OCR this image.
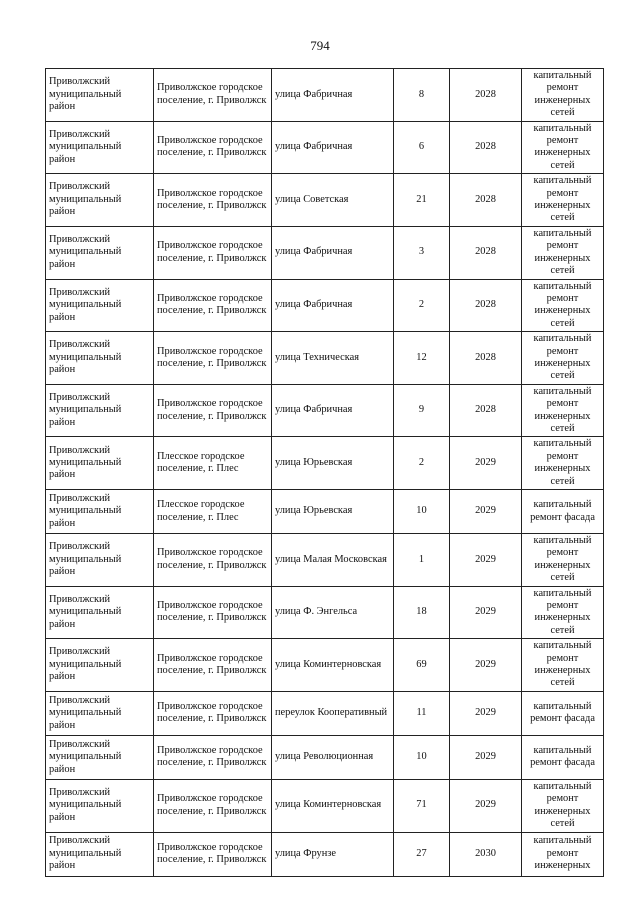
794
Приволжский муниципальный район	Приволжское городское поселение, г. Приволжск	улица Фабричная	8	2028	капитальный ремонт инженерных сетей
Приволжский муниципальный район	Приволжское городское поселение, г. Приволжск	улица Фабричная	6	2028	капитальный ремонт инженерных сетей
Приволжский муниципальный район	Приволжское городское поселение, г. Приволжск	улица Советская	21	2028	капитальный ремонт инженерных сетей
Приволжский муниципальный район	Приволжское городское поселение, г. Приволжск	улица Фабричная	3	2028	капитальный ремонт инженерных сетей
Приволжский муниципальный район	Приволжское городское поселение, г. Приволжск	улица Фабричная	2	2028	капитальный ремонт инженерных сетей
Приволжский муниципальный район	Приволжское городское поселение, г. Приволжск	улица Техническая	12	2028	капитальный ремонт инженерных сетей
Приволжский муниципальный район	Приволжское городское поселение, г. Приволжск	улица Фабричная	9	2028	капитальный ремонт инженерных сетей
Приволжский муниципальный район	Плесское городское поселение, г. Плес	улица Юрьевская	2	2029	капитальный ремонт инженерных сетей
Приволжский муниципальный район	Плесское городское поселение, г. Плес	улица Юрьевская	10	2029	капитальный ремонт фасада
Приволжский муниципальный район	Приволжское городское поселение, г. Приволжск	улица Малая Московская	1	2029	капитальный ремонт инженерных сетей
Приволжский муниципальный район	Приволжское городское поселение, г. Приволжск	улица Ф. Энгельса	18	2029	капитальный ремонт инженерных сетей
Приволжский муниципальный район	Приволжское городское поселение, г. Приволжск	улица Коминтерновская	69	2029	капитальный ремонт инженерных сетей
Приволжский муниципальный район	Приволжское городское поселение, г. Приволжск	переулок Кооперативный	11	2029	капитальный ремонт фасада
Приволжский муниципальный район	Приволжское городское поселение, г. Приволжск	улица Революционная	10	2029	капитальный ремонт фасада
Приволжский муниципальный район	Приволжское городское поселение, г. Приволжск	улица Коминтерновская	71	2029	капитальный ремонт инженерных сетей
Приволжский муниципальный район	Приволжское городское поселение, г. Приволжск	улица Фрунзе	27	2030	капитальный ремонт инженерных
